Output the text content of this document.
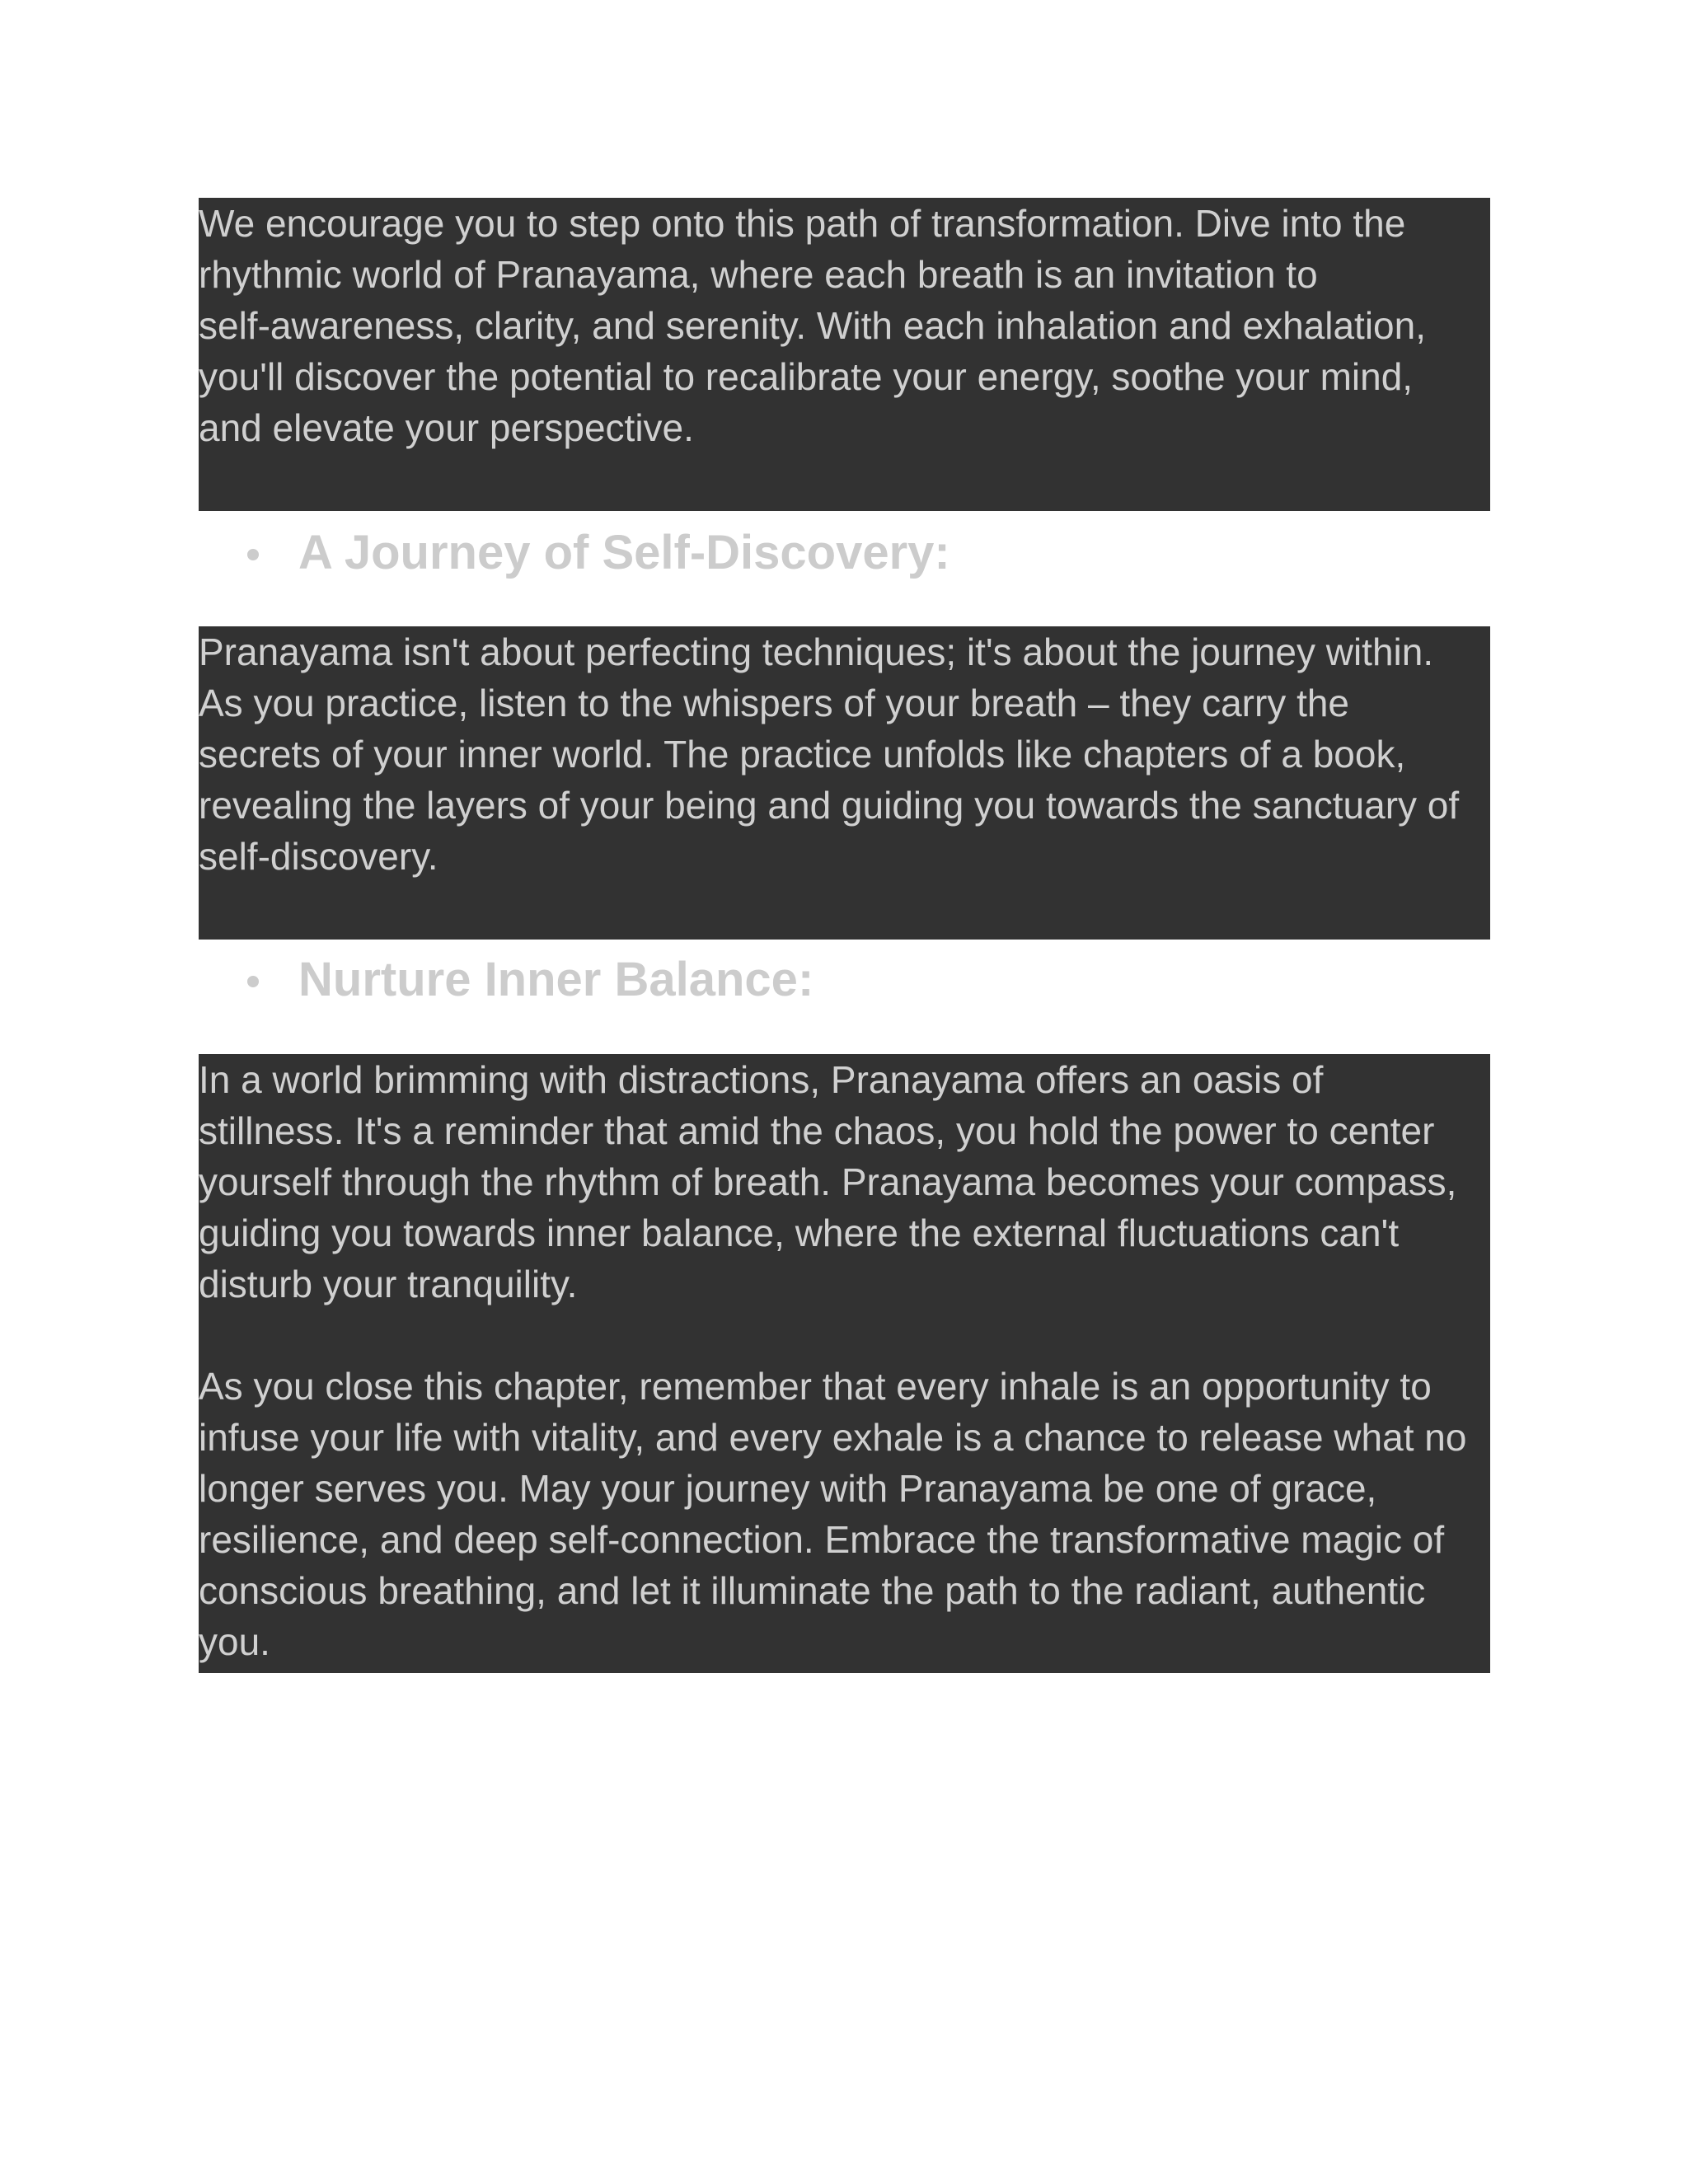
We encourage you to step onto this path of transformation. Dive into the
rhythmic world of Pranayama, where each breath is an invitation to
self-awareness, clarity, and serenity. With each inhalation and exhalation,
you'll discover the potential to recalibrate your energy, soothe your mind,
and elevate your perspective.

A Journey of Self-Discovery:

Pranayama isn't about perfecting techniques; it's about the journey within.
As you practice, listen to the whispers of your breath – they carry the
secrets of your inner world. The practice unfolds like chapters of a book,
revealing the layers of your being and guiding you towards the sanctuary of
self-discovery.

Nurture Inner Balance:

In a world brimming with distractions, Pranayama offers an oasis of
stillness. It's a reminder that amid the chaos, you hold the power to center
yourself through the rhythm of breath. Pranayama becomes your compass,
guiding you towards inner balance, where the external fluctuations can't
disturb your tranquility.

As you close this chapter, remember that every inhale is an opportunity to
infuse your life with vitality, and every exhale is a chance to release what no
longer serves you. May your journey with Pranayama be one of grace,
resilience, and deep self-connection. Embrace the transformative magic of
conscious breathing, and let it illuminate the path to the radiant, authentic
you.
